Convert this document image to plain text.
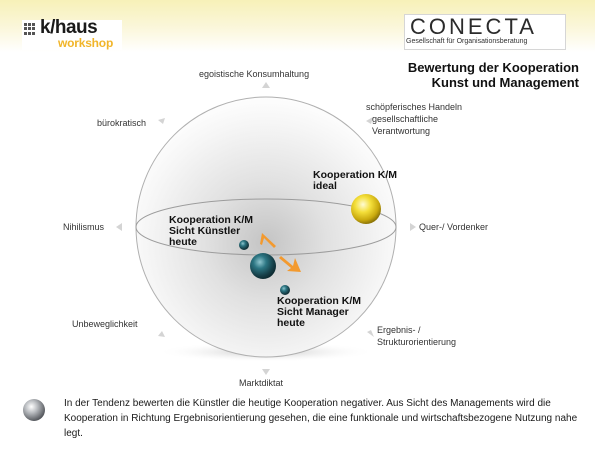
k/haus
workshop
CONECTA
Gesellschaft für Organisationsberatung
Bewertung der Kooperation
Kunst und Management
egoistische Konsumhaltung
bürokratisch
schöpferisches Handeln
gesellschaftliche
Verantwortung
Nihilismus	Quer-/ Vordenker
Unbeweglichkeit
Ergebnis- /
Strukturorientierung
Marktdiktat
Kooperation K/M
ideal
Kooperation K/M
Sicht Künstler
heute
Kooperation K/M
Sicht Manager
heute
In der Tendenz bewerten die Künstler die heutige Kooperation negativer. Aus Sicht des Managements wird die Kooperation in Richtung Ergebnisorientierung gesehen, die eine funktionale und wirtschaftsbezogene Nutzung nahe legt.
